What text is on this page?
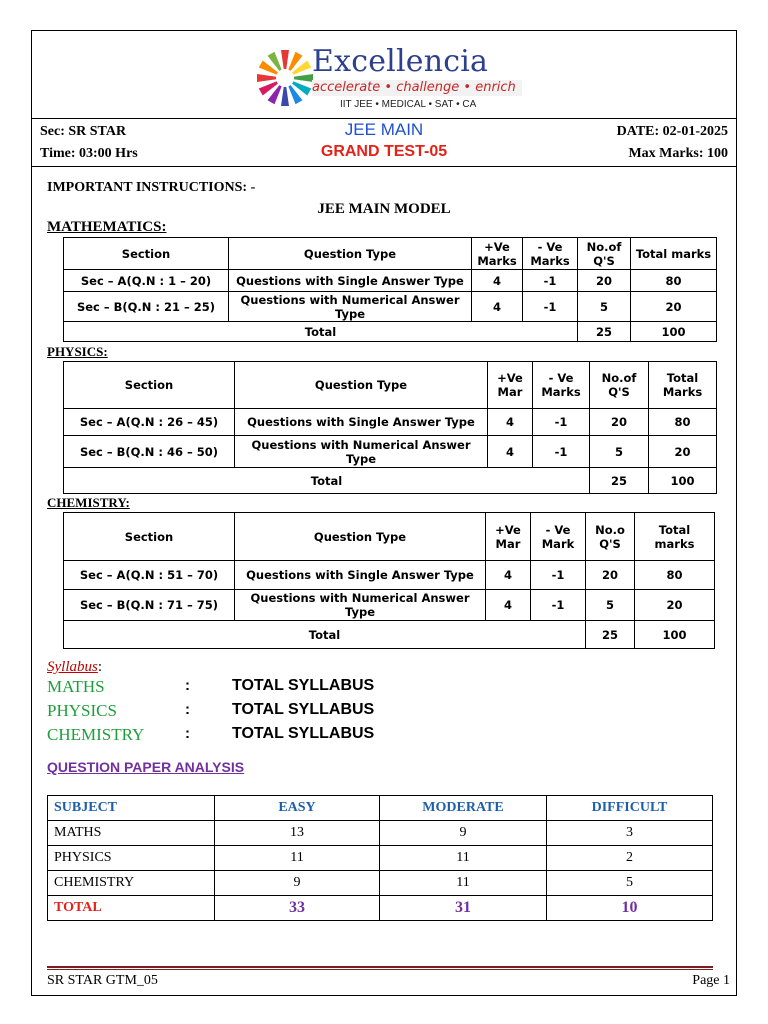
Excellencia
accelerate • challenge • enrich
IIT JEE • MEDICAL • SAT • CA
Sec: SR STAR
Time: 03:00 Hrs
JEE MAIN
GRAND TEST-05
DATE: 02-01-2025
Max Marks: 100
IMPORTANT INSTRUCTIONS: -
JEE MAIN MODEL
MATHEMATICS:
Section	Question Type	+Ve Marks	- Ve Marks	No.of Q'S	Total marks
Sec – A(Q.N : 1 – 20)	Questions with Single Answer Type	4	-1	20	80
Sec – B(Q.N : 21 – 25)	Questions with Numerical Answer Type	4	-1	5	20
Total				25	100
PHYSICS:
Section	Question Type	+Ve Mar	- Ve Marks	No.of Q'S	Total Marks
Sec – A(Q.N : 26 – 45)	Questions with Single Answer Type	4	-1	20	80
Sec – B(Q.N : 46 – 50)	Questions with Numerical Answer Type	4	-1	5	20
Total				25	100
CHEMISTRY:
Section	Question Type	+Ve Mar	- Ve Mark	No.o Q'S	Total marks
Sec – A(Q.N : 51 – 70)	Questions with Single Answer Type	4	-1	20	80
Sec – B(Q.N : 71 – 75)	Questions with Numerical Answer Type	4	-1	5	20
Total				25	100
Syllabus:
MATHS	:	TOTAL SYLLABUS
PHYSICS	:	TOTAL SYLLABUS
CHEMISTRY	:	TOTAL SYLLABUS
QUESTION PAPER ANALYSIS
SUBJECT	EASY	MODERATE	DIFFICULT
MATHS	13	9	3
PHYSICS	11	11	2
CHEMISTRY	9	11	5
TOTAL	33	31	10
SR STAR GTM_05	Page 1
